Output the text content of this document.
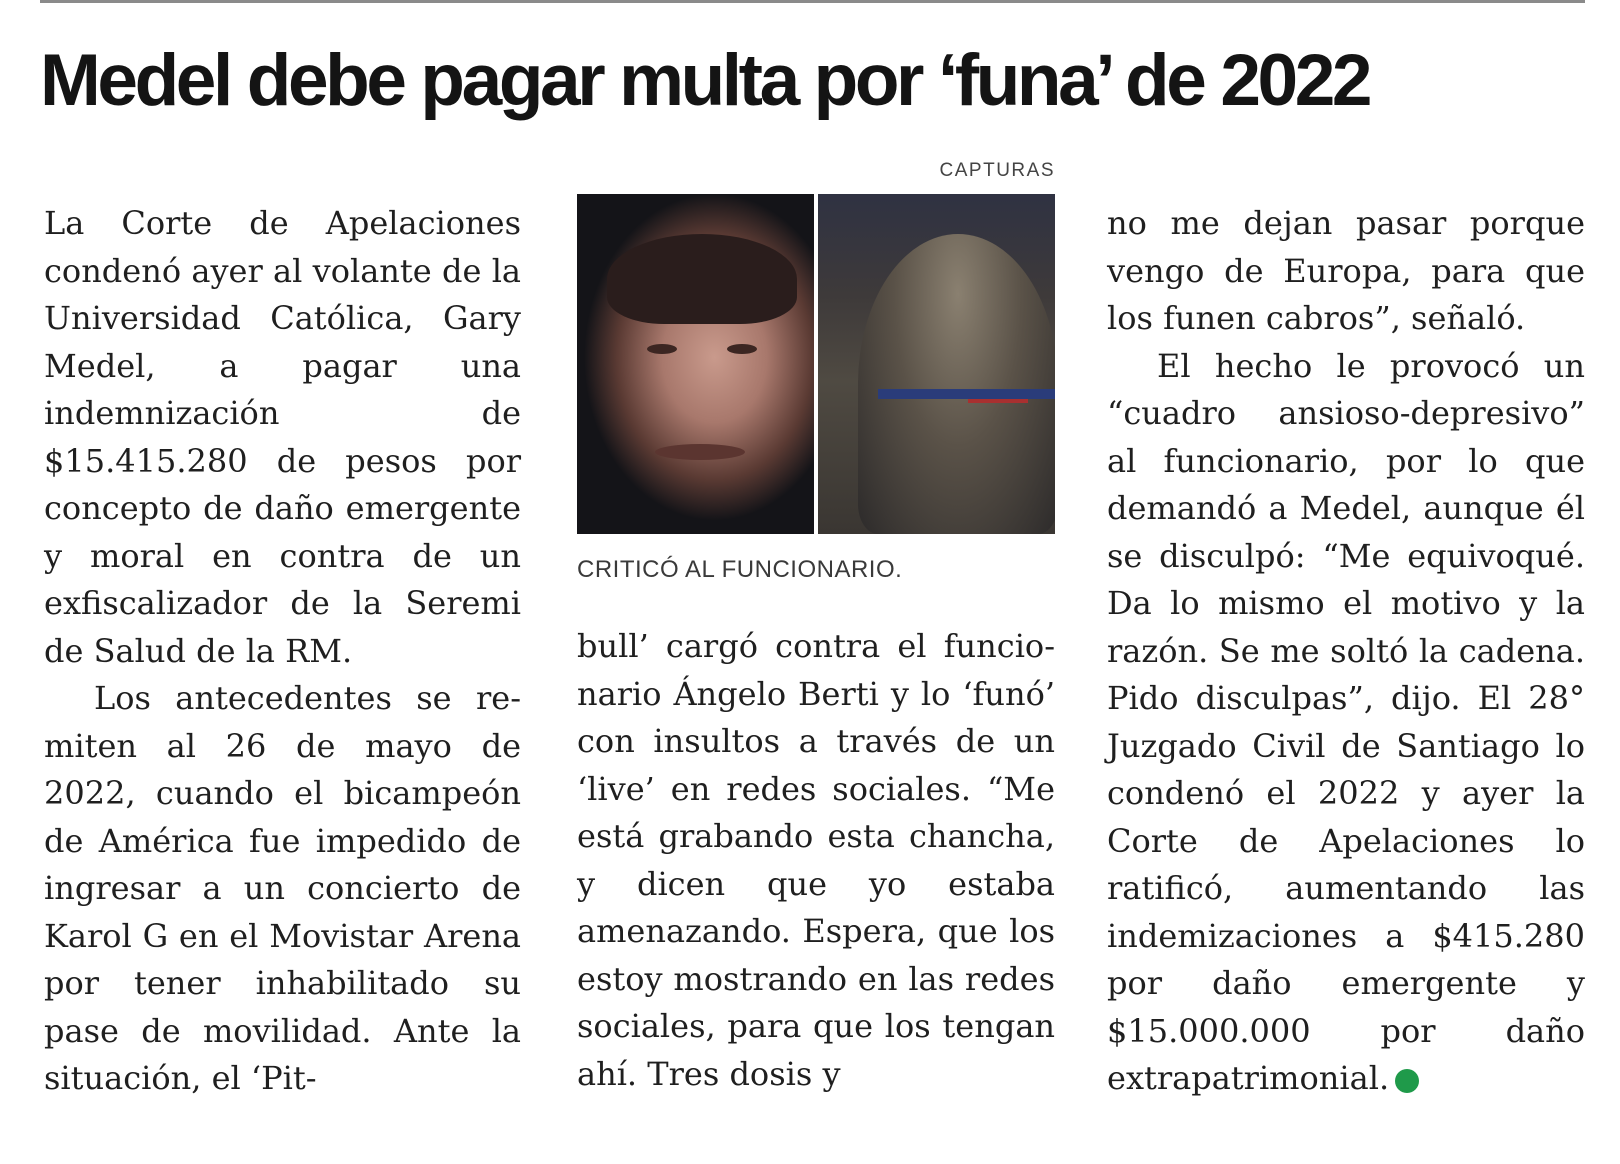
Medel debe pagar multa por ‘funa’ de 2022

La Corte de Apelaciones condenó ayer al volante de la Universidad Católica, Gary Medel, a pagar una indemnización de $15.415.280 de pesos por concepto de daño emergente y moral en contra de un exfiscalizador de la Seremi de Salud de la RM.

Los antecedentes se remiten al 26 de mayo de 2022, cuando el bicampeón de América fue impedido de ingresar a un concierto de Karol G en el Movistar Arena por tener inhabilitado su pase de movilidad. Ante la situación, el ‘Pit-

CAPTURAS
CRITICÓ AL FUNCIONARIO.

bull’ cargó contra el funcionario Ángelo Berti y lo ‘funó’ con insultos a través de un ‘live’ en redes sociales. “Me está grabando esta chancha, y dicen que yo estaba amenazando. Espera, que los estoy mostrando en las redes sociales, para que los tengan ahí. Tres dosis y

no me dejan pasar porque vengo de Europa, para que los funen cabros”, señaló.

El hecho le provocó un “cuadro ansioso-depresivo” al funcionario, por lo que demandó a Medel, aunque él se disculpó: “Me equivoqué. Da lo mismo el motivo y la razón. Se me soltó la cadena. Pido disculpas”, dijo. El 28° Juzgado Civil de Santiago lo condenó el 2022 y ayer la Corte de Apelaciones lo ratificó, aumentando las indemizaciones a $415.280 por daño emergente y $15.000.000 por daño extrapatrimonial.	✪
